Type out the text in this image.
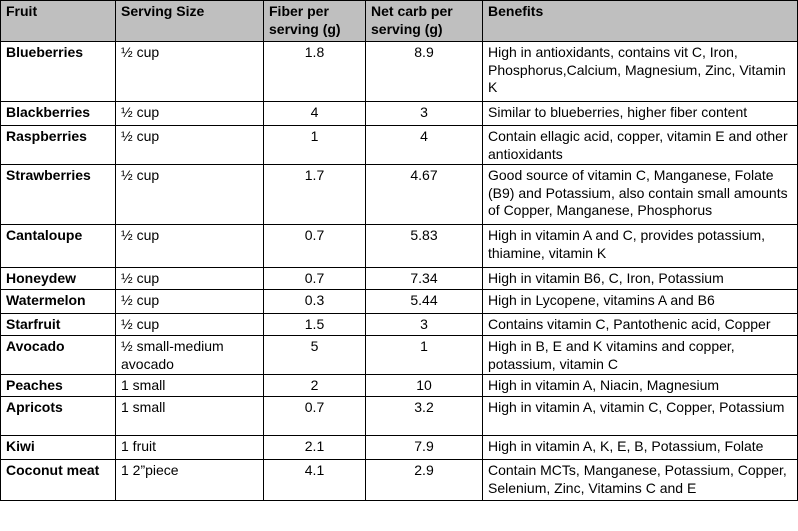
Fruit	Serving Size	Fiber per serving (g)	Net carb per serving (g)	Benefits
Blueberries	½ cup	1.8	8.9	High in antioxidants, contains vit C, Iron, Phosphorus,Calcium, Magnesium, Zinc, Vitamin K
Blackberries	½ cup	4	3	Similar to blueberries, higher fiber content
Raspberries	½ cup	1	4	Contain ellagic acid, copper, vitamin E and other antioxidants
Strawberries	½ cup	1.7	4.67	Good source of vitamin C, Manganese, Folate (B9) and Potassium, also contain small amounts of Copper, Manganese, Phosphorus
Cantaloupe	½ cup	0.7	5.83	High in vitamin A and C, provides potassium, thiamine, vitamin K
Honeydew	½ cup	0.7	7.34	High in vitamin B6, C, Iron, Potassium
Watermelon	½ cup	0.3	5.44	High in Lycopene, vitamins A and B6
Starfruit	½ cup	1.5	3	Contains vitamin C, Pantothenic acid, Copper
Avocado	½ small-medium avocado	5	1	High in B, E and K vitamins and copper, potassium, vitamin C
Peaches	1 small	2	10	High in vitamin A, Niacin, Magnesium
Apricots	1 small	0.7	3.2	High in vitamin A, vitamin C, Copper, Potassium
Kiwi	1 fruit	2.1	7.9	High in vitamin A, K, E, B, Potassium, Folate
Coconut meat	1 2”piece	4.1	2.9	Contain MCTs, Manganese, Potassium, Copper, Selenium, Zinc, Vitamins C and E
